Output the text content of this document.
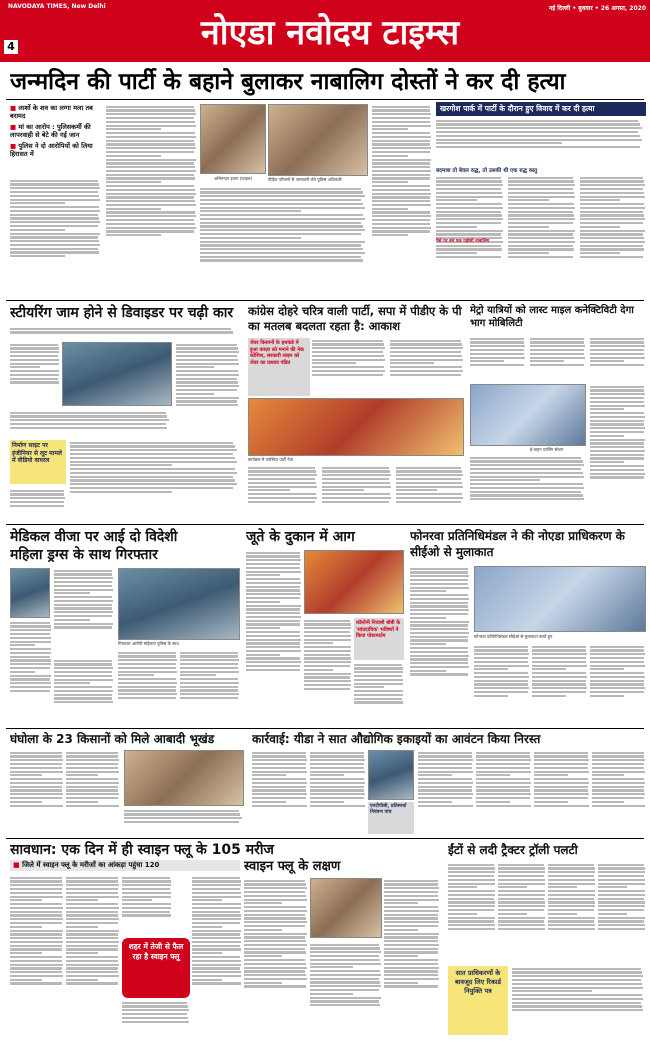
NAVODAYA TIMES, New Delhi
4	नोएडा नवोदय टाइम्स
नई दिल्ली • बुधवार • 26 अगस्त, 2020
जन्मदिन की पार्टी के बहाने बुलाकर नाबालिग दोस्तों ने कर दी हत्या
■ लाशों के शव का लग्गा मला तब बरामद
■ मां का आरोप : पुलिसकर्मी की लापरवाही से बेटे की गई जान
■ पुलिस ने दो आरोपियों को लिया हिरासत में
अभिनन्दन इवान (फाइल)	पीड़ित परिजनों से जानकारी लेते पुलिस अधिकारी
खरगोश पार्क में पार्टी के दौरान हुए विवाद में कर दी हत्या
बदमाश तो बेवल रुद्ध, तो उसकी थी एक रुद्ध वस्तु
पैसे पर बने एक पड़ोसी नाबालिग
स्टीयरिंग जाम होने से डिवाइडर पर चढ़ी कार
निर्माण साइट पर इंजीनियर से लूट मामले में वीडियो वायरल
कांग्रेस दोहरे चरित्र वाली पार्टी, सपा में पीडीए के पी का मतलब बदलता रहता है: आकाश
जेवर किसानों के हथकंडे में हुआ कब्ज़ा को मनाने की नेक कोशिश, सरकारी लाइन को जेवर का प्रस्ताव पंडित
कार्यक्रम में उपस्थित पार्टी नेता
मेट्रो यात्रियों को लास्ट माइल कनेक्टिविटी देगा भाग मोबिलिटी
ई-वाहन चार्जिंग स्टेशन
मेडिकल वीजा पर आई दो विदेशी
महिला ड्रग्स के साथ गिरफ्तार
गिरफ्तार आरोपी महिलाएं पुलिस के साथ
जूते के दुकान में आग
कॉलोनी निवासी बॉबी के 'सांप्रदायिक' भविष्यों ने किया पोस्टमार्टम
फोनरवा प्रतिनिधिमंडल ने की नोएडा प्राधिकरण के सीईओ से मुलाकात
फोनरवा प्रतिनिधिमंडल सीईओ से मुलाकात करते हुए
घंघोला के 23 किसानों को मिले आबादी भूखंड	कार्रवाई: यीडा ने सात औद्योगिक इकाइयों का आवंटन किया निरस्त
एनटीपीसी, प्रतिस्पर्धा नियंत्रण पांच
सावधान: एक दिन में ही स्वाइन फ्लू के 105 मरीज
■ जिले में स्वाइन फ्लू के मरीजों का आंकड़ा पहुंचा 120	स्वाइन फ्लू के लक्षण
शहर में तेजी से फैल रहा है स्वाइन फ्लू
ईंटों से लदी ट्रैक्टर ट्रॉली पलटी
सात प्राधिकरणों के बावजूद लिए रिकार्ड नियुक्ति पत्र
